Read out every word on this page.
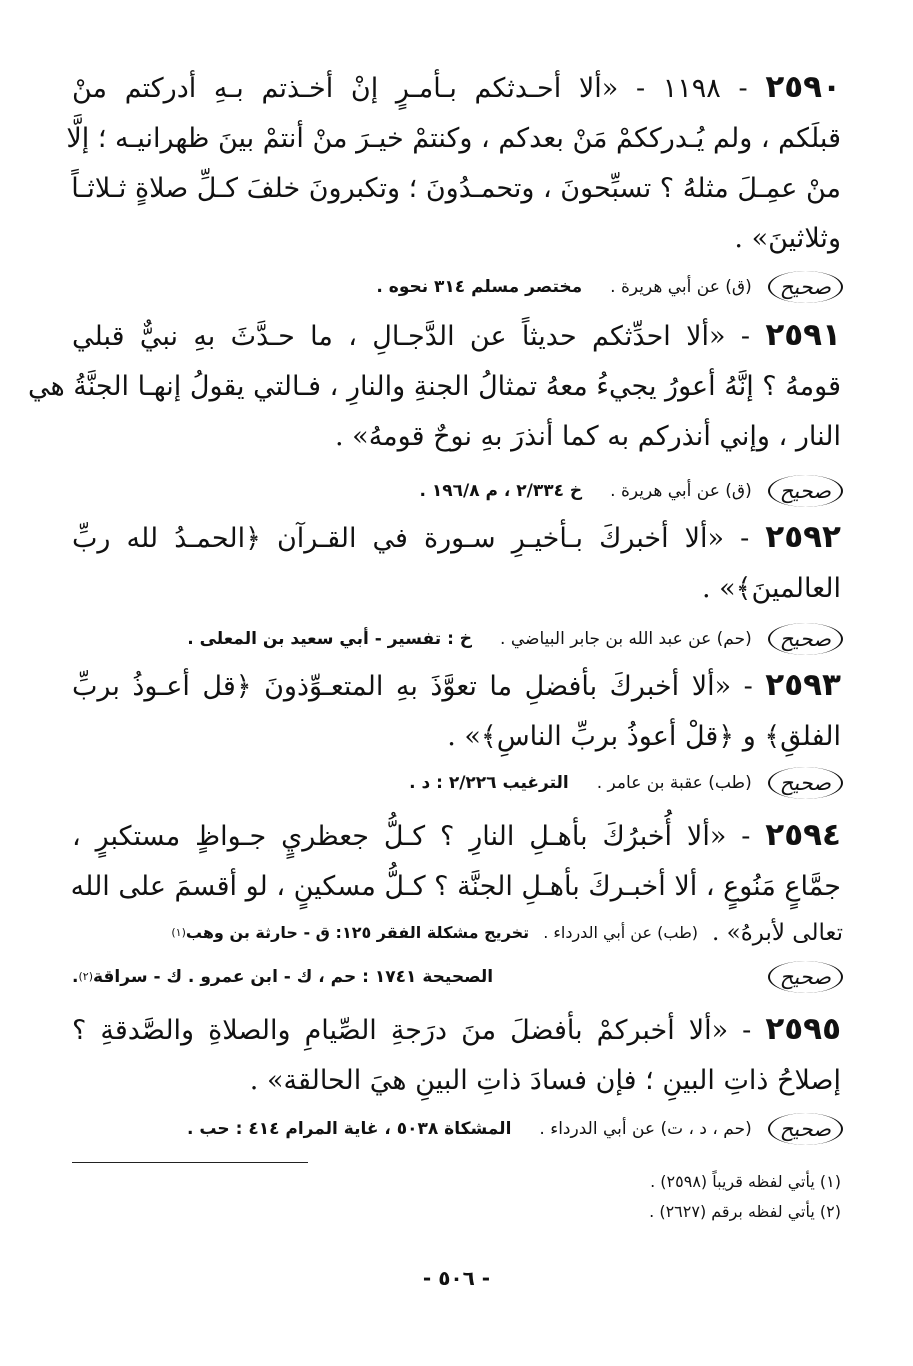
٢٥٩٠ - ١١٩٨ - «ألا أحـدثكم بـأمـرٍ إنْ أخـذتم بـهِ أدركتم منْ
قبلَكم ، ولم يُـدرككمْ مَنْ بعدكم ، وكنتمْ خيـرَ منْ أنتمْ بينَ ظهرانيـه ؛ إلَّا
منْ عمِـلَ مثلهُ ؟ تسبِّحونَ ، وتحمـدُونَ ؛ وتكبرونَ خلفَ كـلِّ صلاةٍ ثـلاثـاً
وثلاثينَ» .
صحيح
(ق) عن أبي هريرة .
مختصر مسلم ٣١٤ نحوه .
٢٥٩١ - «ألا احدِّثكم حديثاً عن الدَّجـالِ ، ما حـدَّثَ بهِ نبيٌّ قبلي
قومهُ ؟ إنَّهُ أعورُ يجيءُ معهُ تمثالُ الجنةِ والنارِ ، فـالتي يقولُ إنهـا الجنَّةُ هي
النار ، وإني أنذركم به كما أنذرَ بهِ نوحٌ قومهُ» .
صحيح
(ق) عن أبي هريرة .
خ ٢/٣٣٤ ، م ١٩٦/٨ .
٢٥٩٢ - «ألا أخبركَ بـأخيـرِ سـورة في القـرآن ﴿الحمـدُ لله ربِّ
العالمينَ﴾» .
صحيح
(حم) عن عبد الله بن جابر البياضي .
خ : تفسير - أبي سعيد بن المعلى .
٢٥٩٣ - «ألا أخبركَ بأفضلِ ما تعوَّذَ بهِ المتعـوِّذونَ ﴿قل أعـوذُ بربِّ
الفلقِ﴾ و ﴿قلْ أعوذُ بربِّ الناسِ﴾» .
صحيح
(طب) عقبة بن عامر .
الترغيب ٢/٢٢٦ : د .
٢٥٩٤ - «ألا أُخبرُكَ بأهـلِ النارِ ؟ كـلُّ جعظريٍ جـواظٍ مستكبرٍ ،
جمَّاعٍ مَنُوعٍ ، ألا أخبـركَ بأهـلِ الجنَّة ؟ كـلُّ مسكينٍ ، لو أقسمَ على الله
تعالى لأبرهُ» .
(طب) عن أبي الدرداء .
تخريج مشكلة الفقر ١٢٥: ق - حارثة بن وهب
(١)
صحيح
الصحيحة ١٧٤١ : حم ، ك - ابن عمرو . ك - سراقة
(٢)
.
٢٥٩٥ - «ألا أخبركمْ بأفضلَ منَ درَجةِ الصِّيامِ والصلاةِ والصَّدقةِ ؟
إصلاحُ ذاتِ البينِ ؛ فإن فسادَ ذاتِ البينِ هيَ الحالقة» .
صحيح
(حم ، د ، ت) عن أبي الدرداء .
المشكاة ٥٠٣٨ ، غاية المرام ٤١٤ : حب .
(١) يأتي لفظه قريباً (٢٥٩٨) .
(٢) يأتي لفظه برقم (٢٦٢٧) .
- ٥٠٦ -
